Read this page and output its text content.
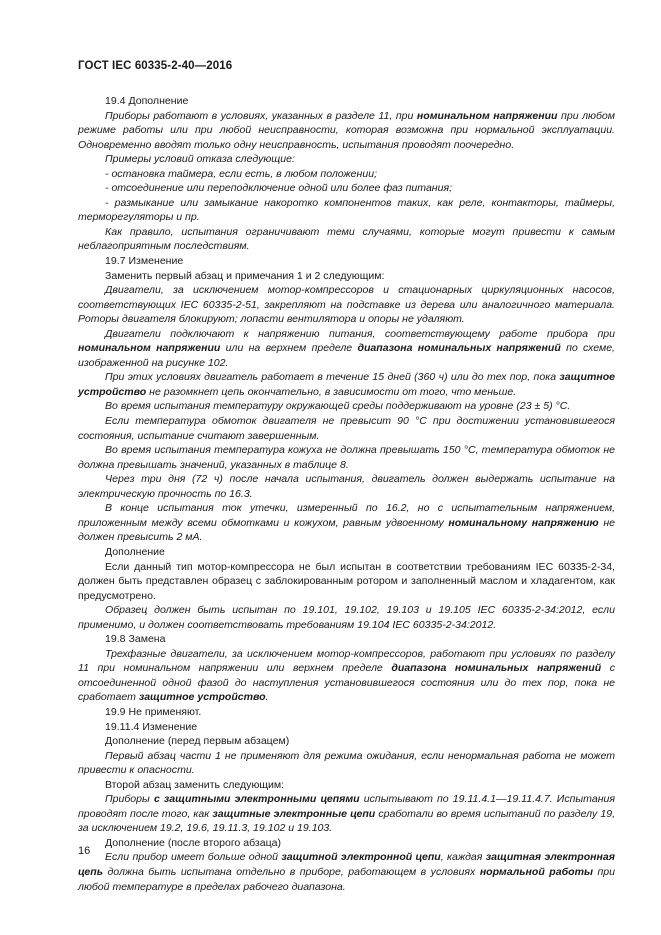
ГОСТ IEC 60335-2-40—2016
19.4 Дополнение
Приборы работают в условиях, указанных в разделе 11, при номинальном напряжении при любом режиме работы или при любой неисправности, которая возможна при нормальной эксплуатации. Одновременно вводят только одну неисправность, испытания проводят поочередно.
Примеры условий отказа следующие:
- остановка таймера, если есть, в любом положении;
- отсоединение или переподключение одной или более фаз питания;
- размыкание или замыкание накоротко компонентов таких, как реле, контакторы, таймеры, терморегуляторы и пр.
Как правило, испытания ограничивают теми случаями, которые могут привести к самым неблагоприятным последствиям.
19.7 Изменение
Заменить первый абзац и примечания 1 и 2 следующим:
Двигатели, за исключением мотор-компрессоров и стационарных циркуляционных насосов, соответствующих IEC 60335-2-51, закрепляют на подставке из дерева или аналогичного материала. Роторы двигателя блокируют; лопасти вентилятора и опоры не удаляют.
Двигатели подключают к напряжению питания, соответствующему работе прибора при номинальном напряжении или на верхнем пределе диапазона номинальных напряжений по схеме, изображенной на рисунке 102.
При этих условиях двигатель работает в течение 15 дней (360 ч) или до тех пор, пока защитное устройство не разомкнет цепь окончательно, в зависимости от того, что меньше.
Во время испытания температуру окружающей среды поддерживают на уровне (23 ± 5) °С.
Если температура обмоток двигателя не превысит 90 °С при достижении установившегося состояния, испытание считают завершенным.
Во время испытания температура кожуха не должна превышать 150 °С, температура обмоток не должна превышать значений, указанных в таблице 8.
Через три дня (72 ч) после начала испытания, двигатель должен выдержать испытание на электрическую прочность по 16.3.
В конце испытания ток утечки, измеренный по 16.2, но с испытательным напряжением, приложенным между всеми обмотками и кожухом, равным удвоенному номинальному напряжению не должен превысить 2 мА.
Дополнение
Если данный тип мотор-компрессора не был испытан в соответствии требованиям IEC 60335-2-34, должен быть представлен образец с заблокированным ротором и заполненный маслом и хладагентом, как предусмотрено.
Образец должен быть испытан по 19.101, 19.102, 19.103 и 19.105 IEC 60335-2-34:2012, если применимо, и должен соответствовать требованиям 19.104 IEC 60335-2-34:2012.
19.8 Замена
Трехфазные двигатели, за исключением мотор-компрессоров, работают при условиях по разделу 11 при номинальном напряжении или верхнем пределе диапазона номинальных напряжений с отсоединенной одной фазой до наступления установившегося состояния или до тех пор, пока не сработает защитное устройство.
19.9 Не применяют.
19.11.4 Изменение
Дополнение (перед первым абзацем)
Первый абзац части 1 не применяют для режима ожидания, если ненормальная работа не может привести к опасности.
Второй абзац заменить следующим:
Приборы с защитными электронными цепями испытывают по 19.11.4.1—19.11.4.7. Испытания проводят после того, как защитные электронные цепи сработали во время испытаний по разделу 19, за исключением 19.2, 19.6, 19.11.3, 19.102 и 19.103.
Дополнение (после второго абзаца)
Если прибор имеет больше одной защитной электронной цепи, каждая защитная электронная цепь должна быть испытана отдельно в приборе, работающем в условиях нормальной работы при любой температуре в пределах рабочего диапазона.
16
